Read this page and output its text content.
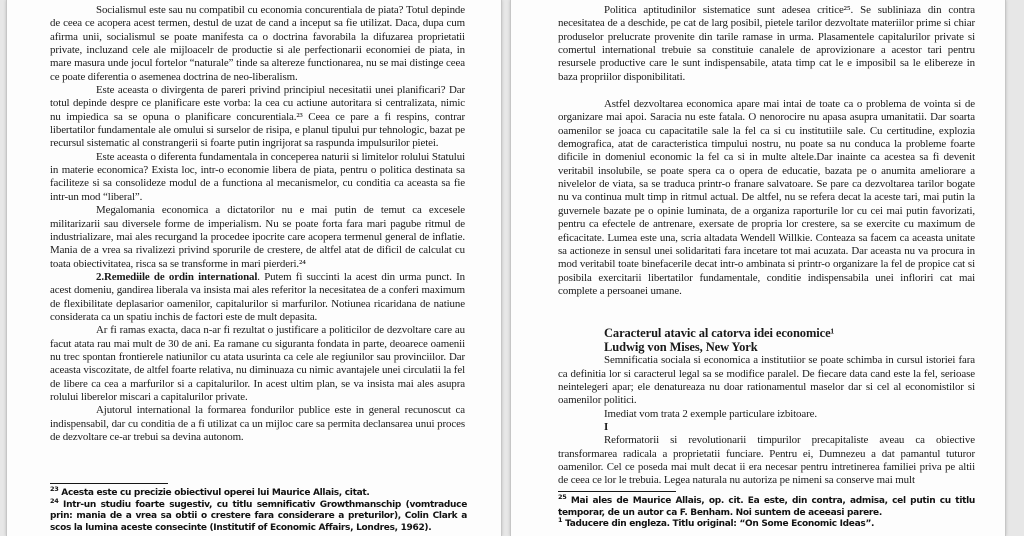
Socialismul este sau nu compatibil cu economia concurentiala de piata? Totul depinde de ceea ce acopera acest termen, destul de uzat de cand a inceput sa fie utilizat. Daca, dupa cum afirma unii, socialismul se poate manifesta ca o doctrina favorabila la difuzarea proprietatii private, incluzand cele ale mijloacelr de productie si ale perfectionarii economiei de piata, in mare masura unde jocul fortelor “naturale” tinde sa altereze functionarea, nu se mai distinge ceea ce poate diferentia o asemenea doctrina de neo-liberalism.
Este aceasta o divirgenta de pareri privind principiul necesitatii unei planificari? Dar totul depinde despre ce planificare este vorba: la cea cu actiune autoritara si centralizata, nimic nu impiedica sa se opuna o planificare concurentiala.²³ Ceea ce pare a fi respins, contrar libertatilor fundamentale ale omului si surselor de risipa, e planul tipului pur tehnologic, bazat pe recursul sistematic al constrangerii si foarte putin ingrijorat sa raspunda impulsurilor pietei.
Este aceasta o diferenta fundamentala in conceperea naturii si limitelor rolului Statului in materie economica? Exista loc, intr-o economie libera de piata, pentru o politica destinata sa faciliteze si sa consolideze modul de a functiona al mecanismelor, cu conditia ca aceasta sa fie intr-un mod “liberal”.
Megalomania economica a dictatorilor nu e mai putin de temut ca excesele militarizarii sau diversele forme de imperialism. Nu se poate forta fara mari pagube ritmul de industrializare, mai ales recurgand la procedee ipocrite care acopera termenul general de inflatie. Mania de a vrea sa rivalizezi privind sporurile de crestere, de altfel atat de dificil de calculat cu toata obiectivitatea, risca sa se transforme in mari pierderi.²⁴
2.Remediile de ordin international. Putem fi succinti la acest din urma punct. In acest domeniu, gandirea liberala va insista mai ales referitor la necesitatea de a conferi maximum de flexibilitate deplasarior oamenilor, capitalurilor si marfurilor. Notiunea ricaridana de natiune considerata ca un spatiu inchis de factori este de mult depasita.
Ar fi ramas exacta, daca n-ar fi rezultat o justificare a politicilor de dezvoltare care au facut atata rau mai mult de 30 de ani. Ea ramane cu siguranta fondata in parte, deoarece oamenii nu trec spontan frontierele natiunilor cu atata usurinta ca cele ale regiunilor sau provinciilor. Dar aceasta viscozitate, de altfel foarte relativa, nu diminuaza cu nimic avantajele unei circulatii la fel de libere ca cea a marfurilor si a capitalurilor. In acest ultim plan, se va insista mai ales asupra rolului liberelor miscari a capitalurilor private.
Ajutorul international la formarea fondurilor publice este in general recunoscut ca indispensabil, dar cu conditia de a fi utilizat ca un mijloc care sa permita declansarea unui proces de dezvoltare ce-ar trebui sa devina autonom.
$^{23}$ Acesta este cu precizie obiectivul operei lui Maurice Allais, citat.
$^{24}$ Intr-un studiu foarte sugestiv, cu titlu semnificativ Growthmanschip (vomtraduce prin: mania de a vrea sa obtii o crestere fara considerare a preturilor), Colin Clark a scos la lumina aceste consecinte (Institutif of Economic Affairs, Londres, 1962).
Politica aptitudinilor sistematice sunt adesea critice²⁵. Se subliniaza din contra necesitatea de a deschide, pe cat de larg posibil, pietele tarilor dezvoltate materiilor prime si chiar produselor prelucrate provenite din tarile ramase in urma. Plasamentele capitalurilor private si comertul international trebuie sa constituie canalele de aprovizionare a acestor tari pentru resursele productive care le sunt indispensabile, atata timp cat le e imposibil sa le elibereze in baza propriilor disponibilitati.
Astfel dezvoltarea economica apare mai intai de toate ca o problema de vointa si de organizare mai apoi. Saracia nu este fatala. O nenorocire nu apasa asupra umanitatii. Dar soarta oamenilor se joaca cu capacitatile sale la fel ca si cu institutiile sale. Cu certitudine, explozia demografica, atat de caracteristica timpului nostru, nu poate sa nu conduca la probleme foarte dificile in domeniul economic la fel ca si in multe altele.Dar inainte ca acestea sa fi devenit veritabil insolubile, se poate spera ca o opera de educatie, bazata pe o anumita ameliorare a nivelelor de viata, sa se traduca printr-o franare salvatoare. Se pare ca dezvoltarea tarilor bogate nu va continua mult timp in ritmul actual. De altfel, nu se refera decat la aceste tari, mai putin la guvernele bazate pe o opinie luminata, de a organiza raporturile lor cu cei mai putin favorizati, pentru ca efectele de antrenare, exersate de propria lor crestere, sa se exercite cu maximum de eficacitate. Lumea este una, scria altadata Wendell Willkie. Conteaza sa facem ca aceasta unitate sa actioneze in sensul unei solidaritati fara incetare tot mai acuzata. Dar aceasta nu va procura in mod veritabil toate binefacerile decat intr-o ambinata si printr-o organizare la fel de propice cat si posibila exercitarii libertatilor fundamentale, conditie indispensabila unei infloriri cat mai complete a persoanei umane.
Caracterul atavic al catorva idei economice¹
Ludwig von Mises, New York
Semnificatia sociala si economica a institutiior se poate schimba in cursul istoriei fara ca definitia lor si caracterul legal sa se modifice paralel. De fiecare data cand este la fel, serioase neintelegeri apar; ele denatureaza nu doar rationamentul maselor dar si cel al economistilor si oamenilor politici.
Imediat vom trata 2 exemple particulare izbitoare.
I
Reformatorii si revolutionarii timpurilor precapitaliste aveau ca obiective transformarea radicala a proprietatii funciare. Pentru ei, Dumnezeu a dat pamantul tuturor oamenilor. Cel ce poseda mai mult decat ii era necesar pentru intretinerea familiei priva pe altii de ceea ce lor le trebuia. Legea naturala nu autoriza pe nimeni sa conserve mai mult
$^{25}$ Mai ales de Maurice Allais, op. cit. Ea este, din contra, admisa, cel putin cu titlu temporar, de un autor ca F. Benham. Noi suntem de aceeasi parere.
$^1$ Taducere din engleza. Titlu original: “On Some Economic Ideas”.
